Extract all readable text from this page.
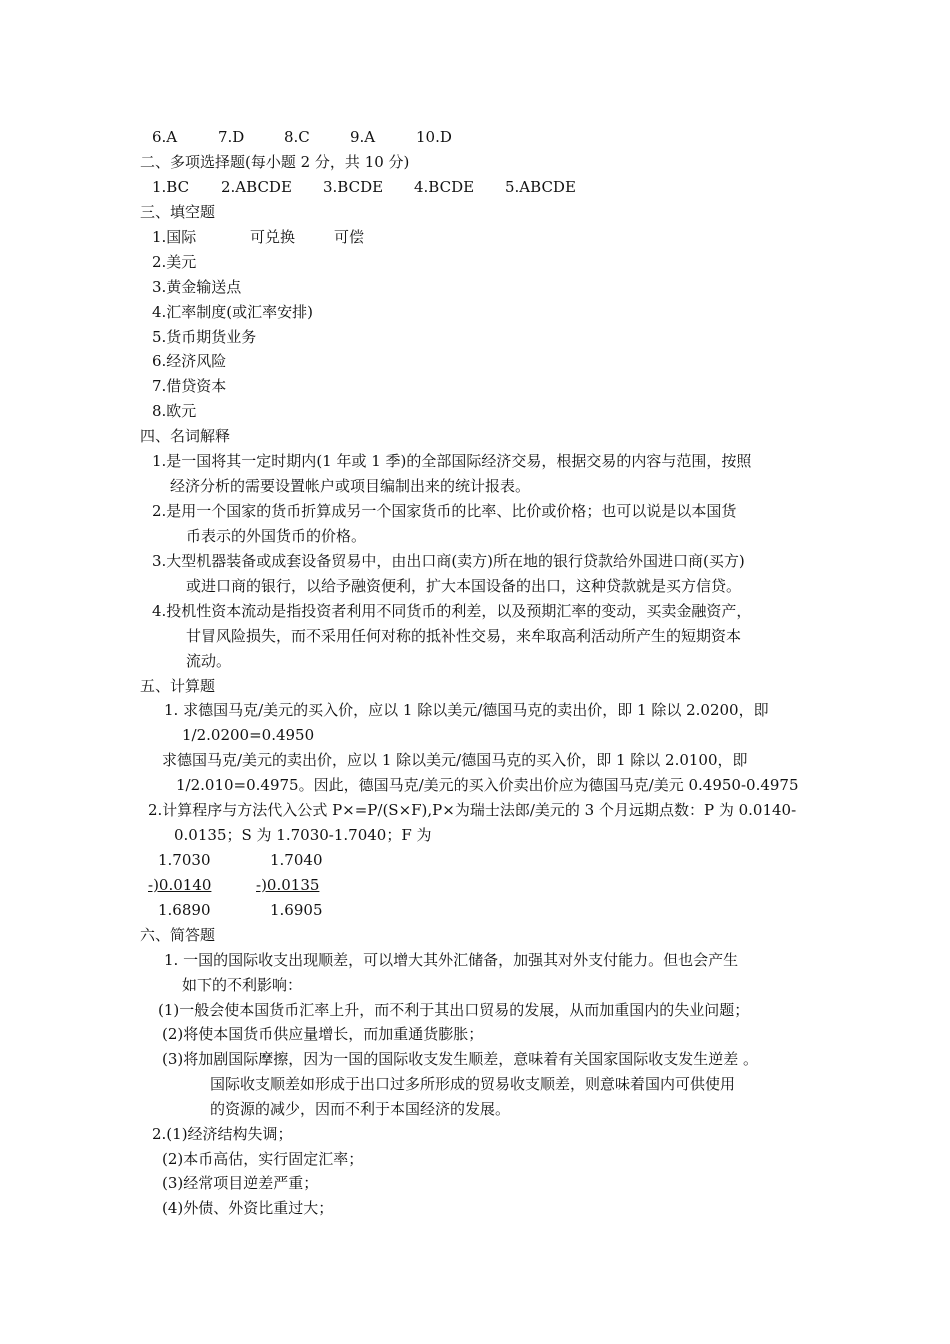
6.A	7.D	8.C	9.A	10.D
二、多项选择题(每小题 2 分，共 10 分)
1.BC 2.ABCDE 3.BCDE 4.BCDE 5.ABCDE
三、填空题
1.国际	可兑换	可偿
2.美元
3.黄金输送点
4.汇率制度(或汇率安排)
5.货币期货业务
6.经济风险
7.借贷资本
8.欧元
四、名词解释
1.是一国将其一定时期内(1 年或 1 季)的全部国际经济交易，根据交易的内容与范围，按照
经济分析的需要设置帐户或项目编制出来的统计报表。
2.是用一个国家的货币折算成另一个国家货币的比率、比价或价格；也可以说是以本国货
币表示的外国货币的价格。
3.大型机器装备或成套设备贸易中，由出口商(卖方)所在地的银行贷款给外国进口商(买方)
或进口商的银行，以给予融资便利，扩大本国设备的出口，这种贷款就是买方信贷。
4.投机性资本流动是指投资者利用不同货币的利差，以及预期汇率的变动，买卖金融资产，
甘冒风险损失，而不采用任何对称的抵补性交易，来牟取高利活动所产生的短期资本
流动。
五、计算题
1. 求德国马克/美元的买入价，应以 1 除以美元/德国马克的卖出价，即 1 除以 2.0200，即
1/2.0200=0.4950
求德国马克/美元的卖出价，应以 1 除以美元/德国马克的买入价，即 1 除以 2.0100，即
1/2.010=0.4975。因此，德国马克/美元的买入价卖出价应为德国马克/美元 0.4950-0.4975
2.计算程序与方法代入公式 P×=P/(S×F),P×为瑞士法郎/美元的 3 个月远期点数：P 为 0.0140-
0.0135；S 为 1.7030-1.7040；F 为
1.7030	1.7040
-)0.0140	-)0.0135
1.6890	1.6905
六、简答题
1. 一国的国际收支出现顺差，可以增大其外汇储备，加强其对外支付能力。但也会产生
如下的不利影响：
(1)一般会使本国货币汇率上升，而不利于其出口贸易的发展，从而加重国内的失业问题；
(2)将使本国货币供应量增长，而加重通货膨胀；
(3)将加剧国际摩擦，因为一国的国际收支发生顺差，意味着有关国家国际收支发生逆差 。
国际收支顺差如形成于出口过多所形成的贸易收支顺差，则意味着国内可供使用
的资源的减少，因而不利于本国经济的发展。
2.(1)经济结构失调；
(2)本币高估，实行固定汇率；
(3)经常项目逆差严重；
(4)外债、外资比重过大；
